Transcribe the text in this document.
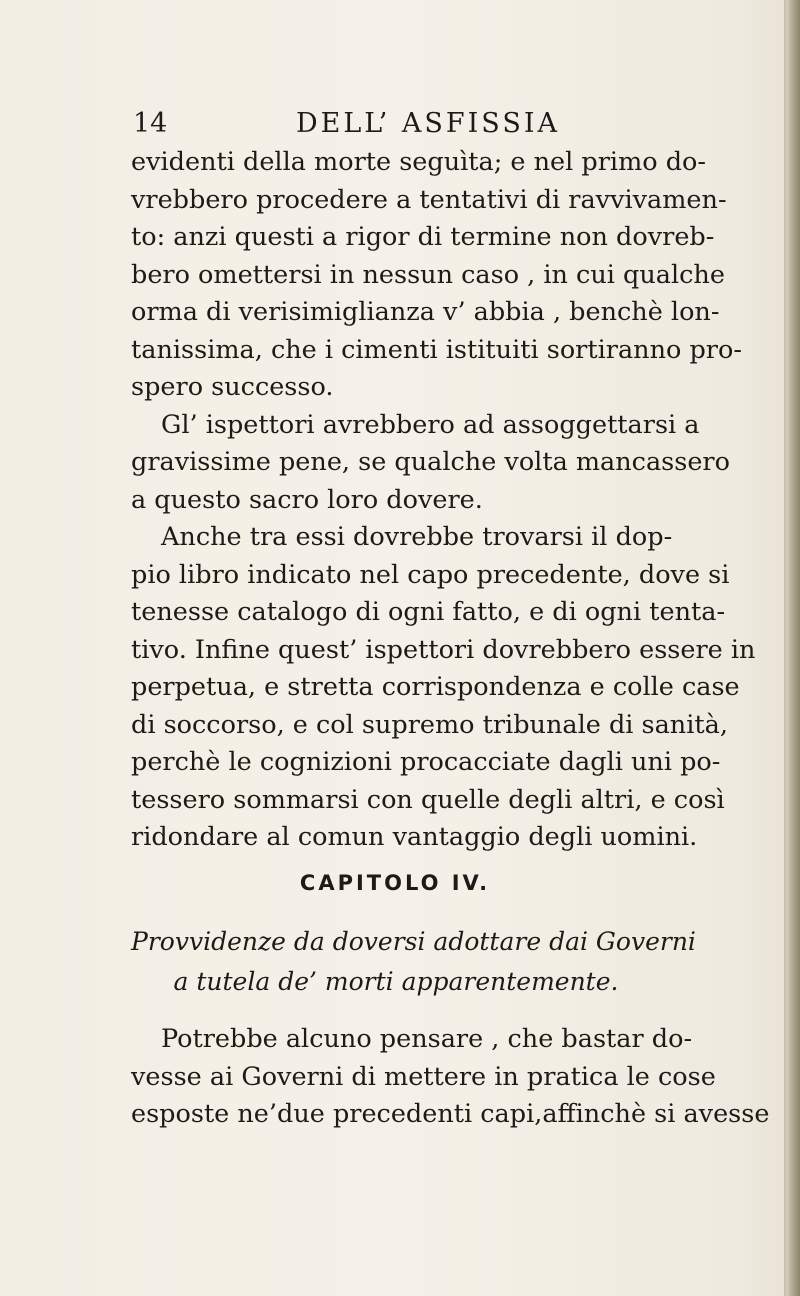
14	DELL’ ASFISSIA
evidenti della morte seguìta; e nel primo do-
vrebbero procedere a tentativi di ravvivamen-
to: anzi questi a rigor di termine non dovreb-
bero omettersi in nessun caso , in cui qualche
orma di verisimiglianza v’ abbia , benchè lon-
tanissima, che i cimenti istituiti sortiranno pro-
spero successo.
Gl’ ispettori avrebbero ad assoggettarsi a
gravissime pene, se qualche volta mancassero
a questo sacro loro dovere.
Anche tra essi dovrebbe trovarsi il dop-
pio libro indicato nel capo precedente, dove si
tenesse catalogo di ogni fatto, e di ogni tenta-
tivo. Infine quest’ ispettori dovrebbero essere in
perpetua, e stretta corrispondenza e colle case
di soccorso, e col supremo tribunale di sanità,
perchè le cognizioni procacciate dagli uni po-
tessero sommarsi con quelle degli altri, e così
ridondare al comun vantaggio degli uomini.
CAPITOLO IV.
Provvidenze da doversi adottare dai Governi
a tutela de’ morti apparentemente.
Potrebbe alcuno pensare , che bastar do-
vesse ai Governi di mettere in pratica le cose
esposte ne’due precedenti capi,affinchè si avesse
